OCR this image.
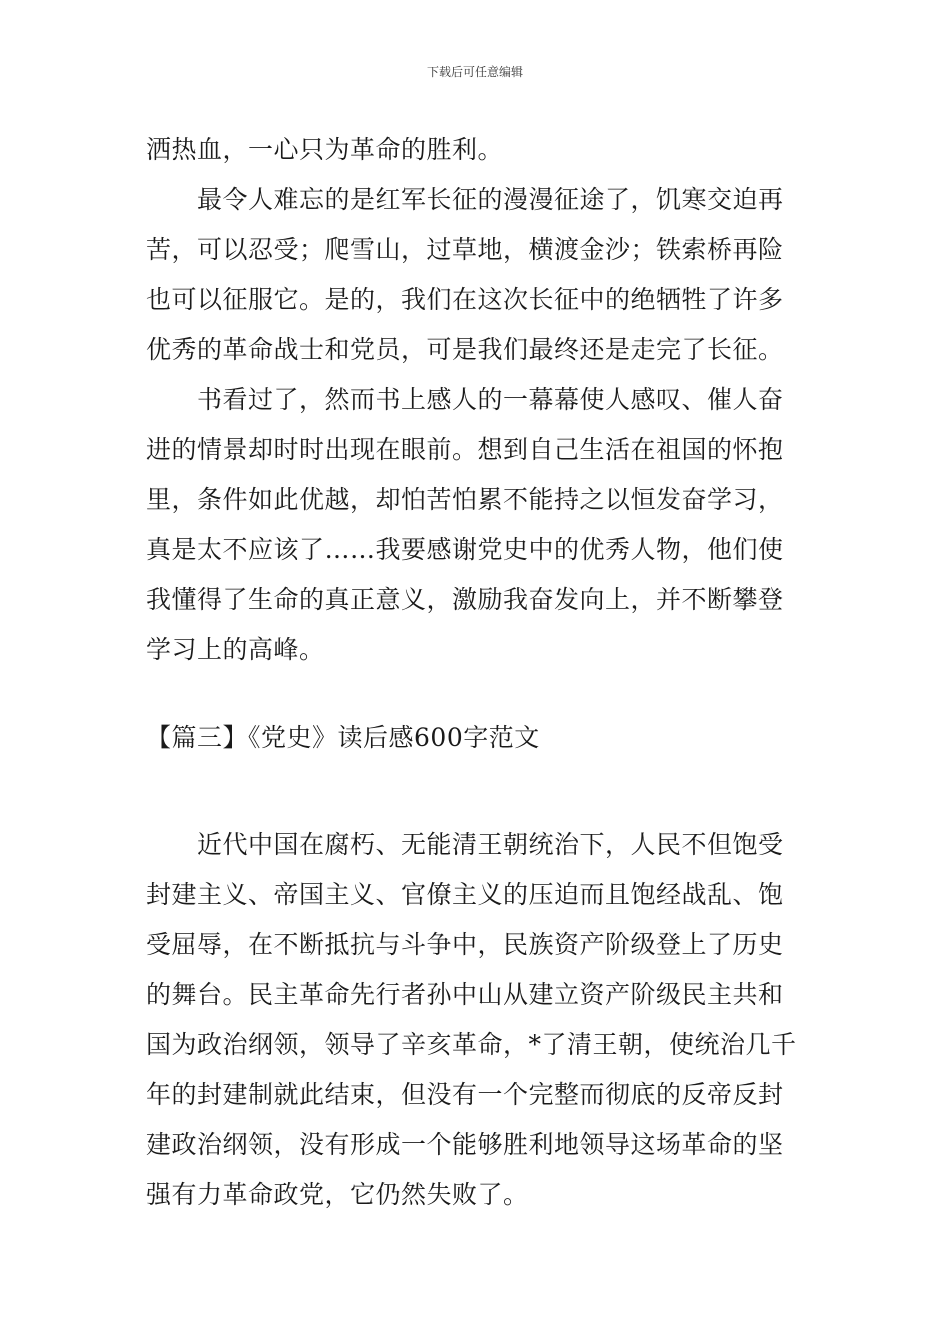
下载后可任意编辑
洒热血，一心只为革命的胜利。
最令人难忘的是红军长征的漫漫征途了，饥寒交迫再
苦，可以忍受；爬雪山，过草地，横渡金沙；铁索桥再险
也可以征服它。是的，我们在这次长征中的绝牺牲了许多
优秀的革命战士和党员，可是我们最终还是走完了长征。
书看过了，然而书上感人的一幕幕使人感叹、催人奋
进的情景却时时出现在眼前。想到自己生活在祖国的怀抱
里，条件如此优越，却怕苦怕累不能持之以恒发奋学习，
真是太不应该了……我要感谢党史中的优秀人物，他们使
我懂得了生命的真正意义，激励我奋发向上，并不断攀登
学习上的高峰。
【篇三】《党史》读后感600字范文
近代中国在腐朽、无能清王朝统治下，人民不但饱受
封建主义、帝国主义、官僚主义的压迫而且饱经战乱、饱
受屈辱，在不断抵抗与斗争中，民族资产阶级登上了历史
的舞台。民主革命先行者孙中山从建立资产阶级民主共和
国为政治纲领，领导了辛亥革命，*了清王朝，使统治几千
年的封建制就此结束，但没有一个完整而彻底的反帝反封
建政治纲领，没有形成一个能够胜利地领导这场革命的坚
强有力革命政党，它仍然失败了。
